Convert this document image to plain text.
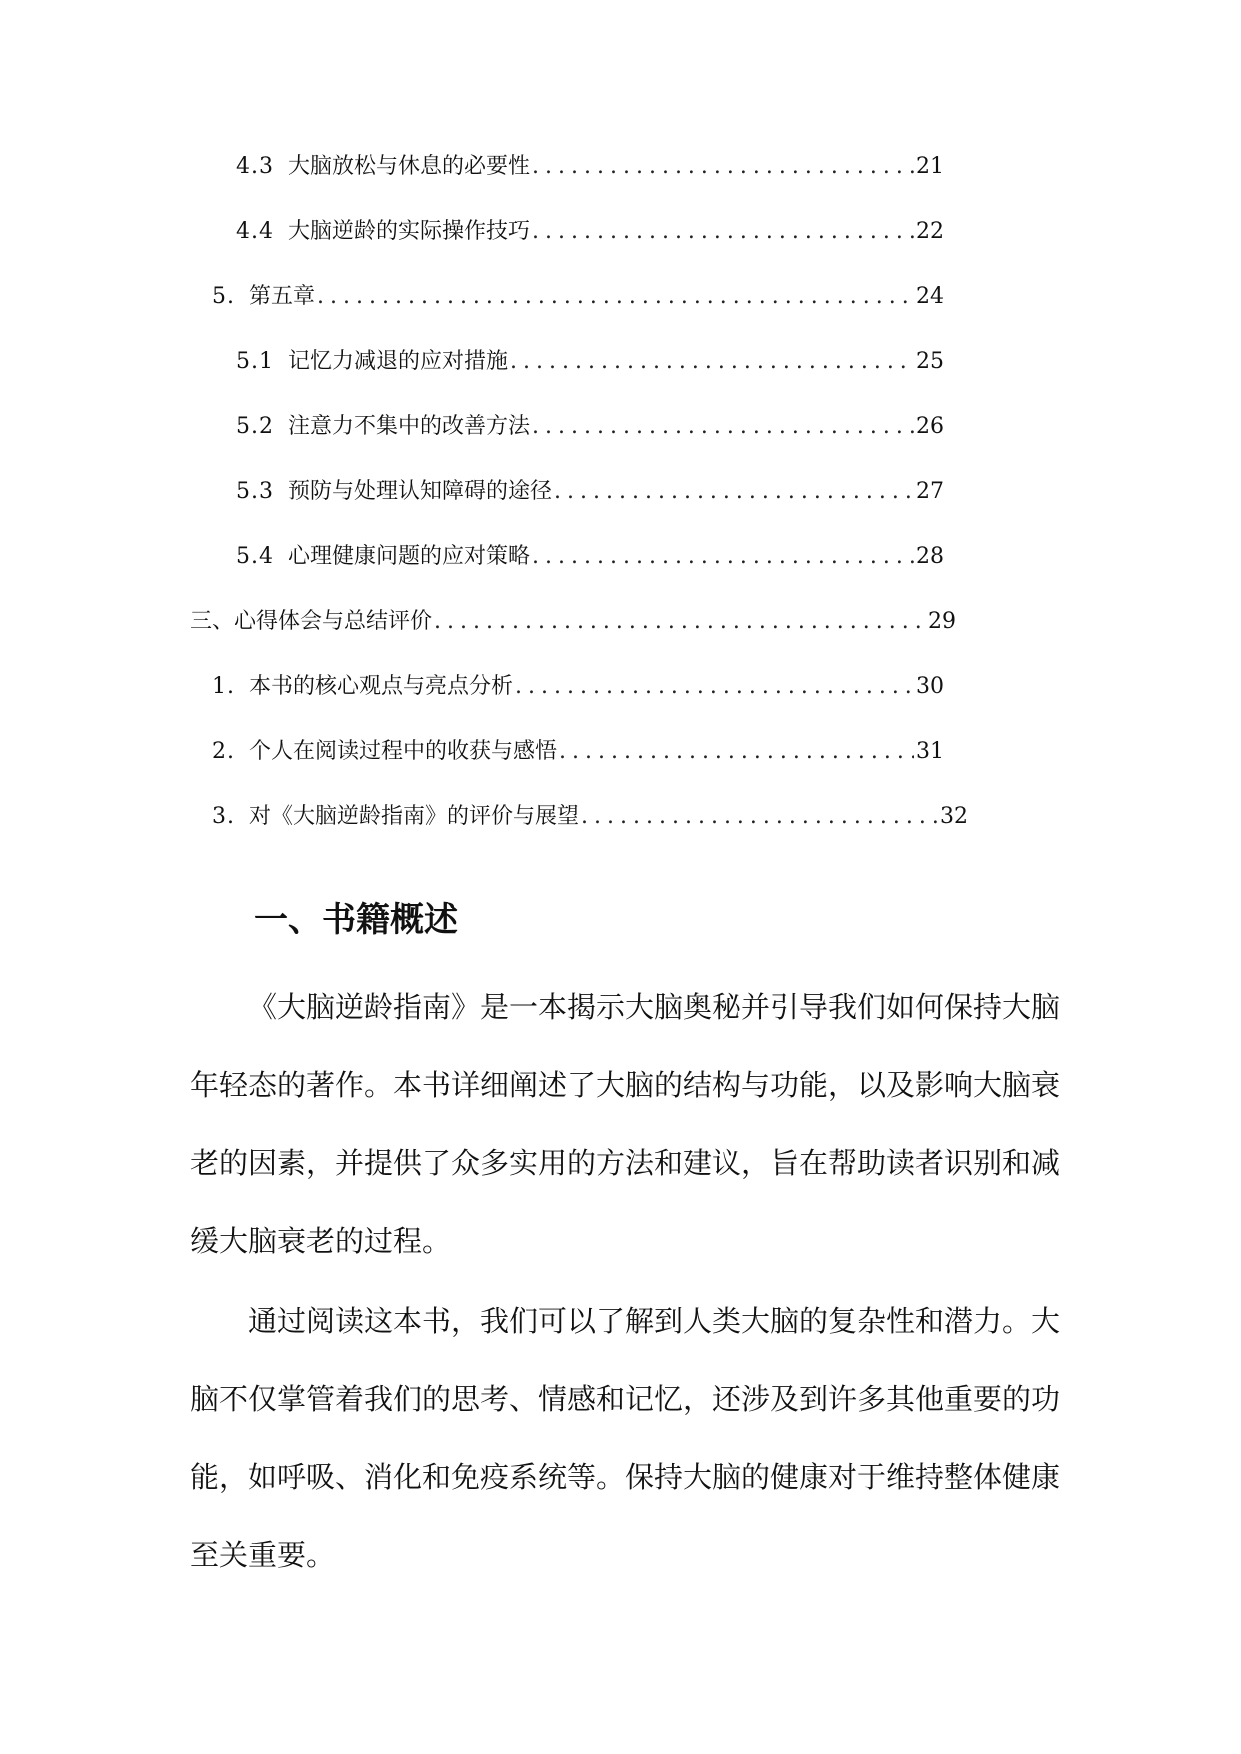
4.3 大脑放松与休息的必要性 .....	21
4.4 大脑逆龄的实际操作技巧 .....	22
5. 第五章 .....	24
5.1 记忆力减退的应对措施 .....	25
5.2 注意力不集中的改善方法 .....	26
5.3 预防与处理认知障碍的途径 .....	27
5.4 心理健康问题的应对策略 .....	28
三、心得体会与总结评价 .....	29
1. 本书的核心观点与亮点分析 .....	30
2. 个人在阅读过程中的收获与感悟 .....	31
3. 对《大脑逆龄指南》的评价与展望 .....	32
一、书籍概述

《大脑逆龄指南》是一本揭示大脑奥秘并引导我们如何保持大脑年轻态的著作。本书详细阐述了大脑的结构与功能，以及影响大脑衰老的因素，并提供了众多实用的方法和建议，旨在帮助读者识别和减缓大脑衰老的过程。

通过阅读这本书，我们可以了解到人类大脑的复杂性和潜力。大脑不仅掌管着我们的思考、情感和记忆，还涉及到许多其他重要的功能，如呼吸、消化和免疫系统等。保持大脑的健康对于维持整体健康至关重要。
